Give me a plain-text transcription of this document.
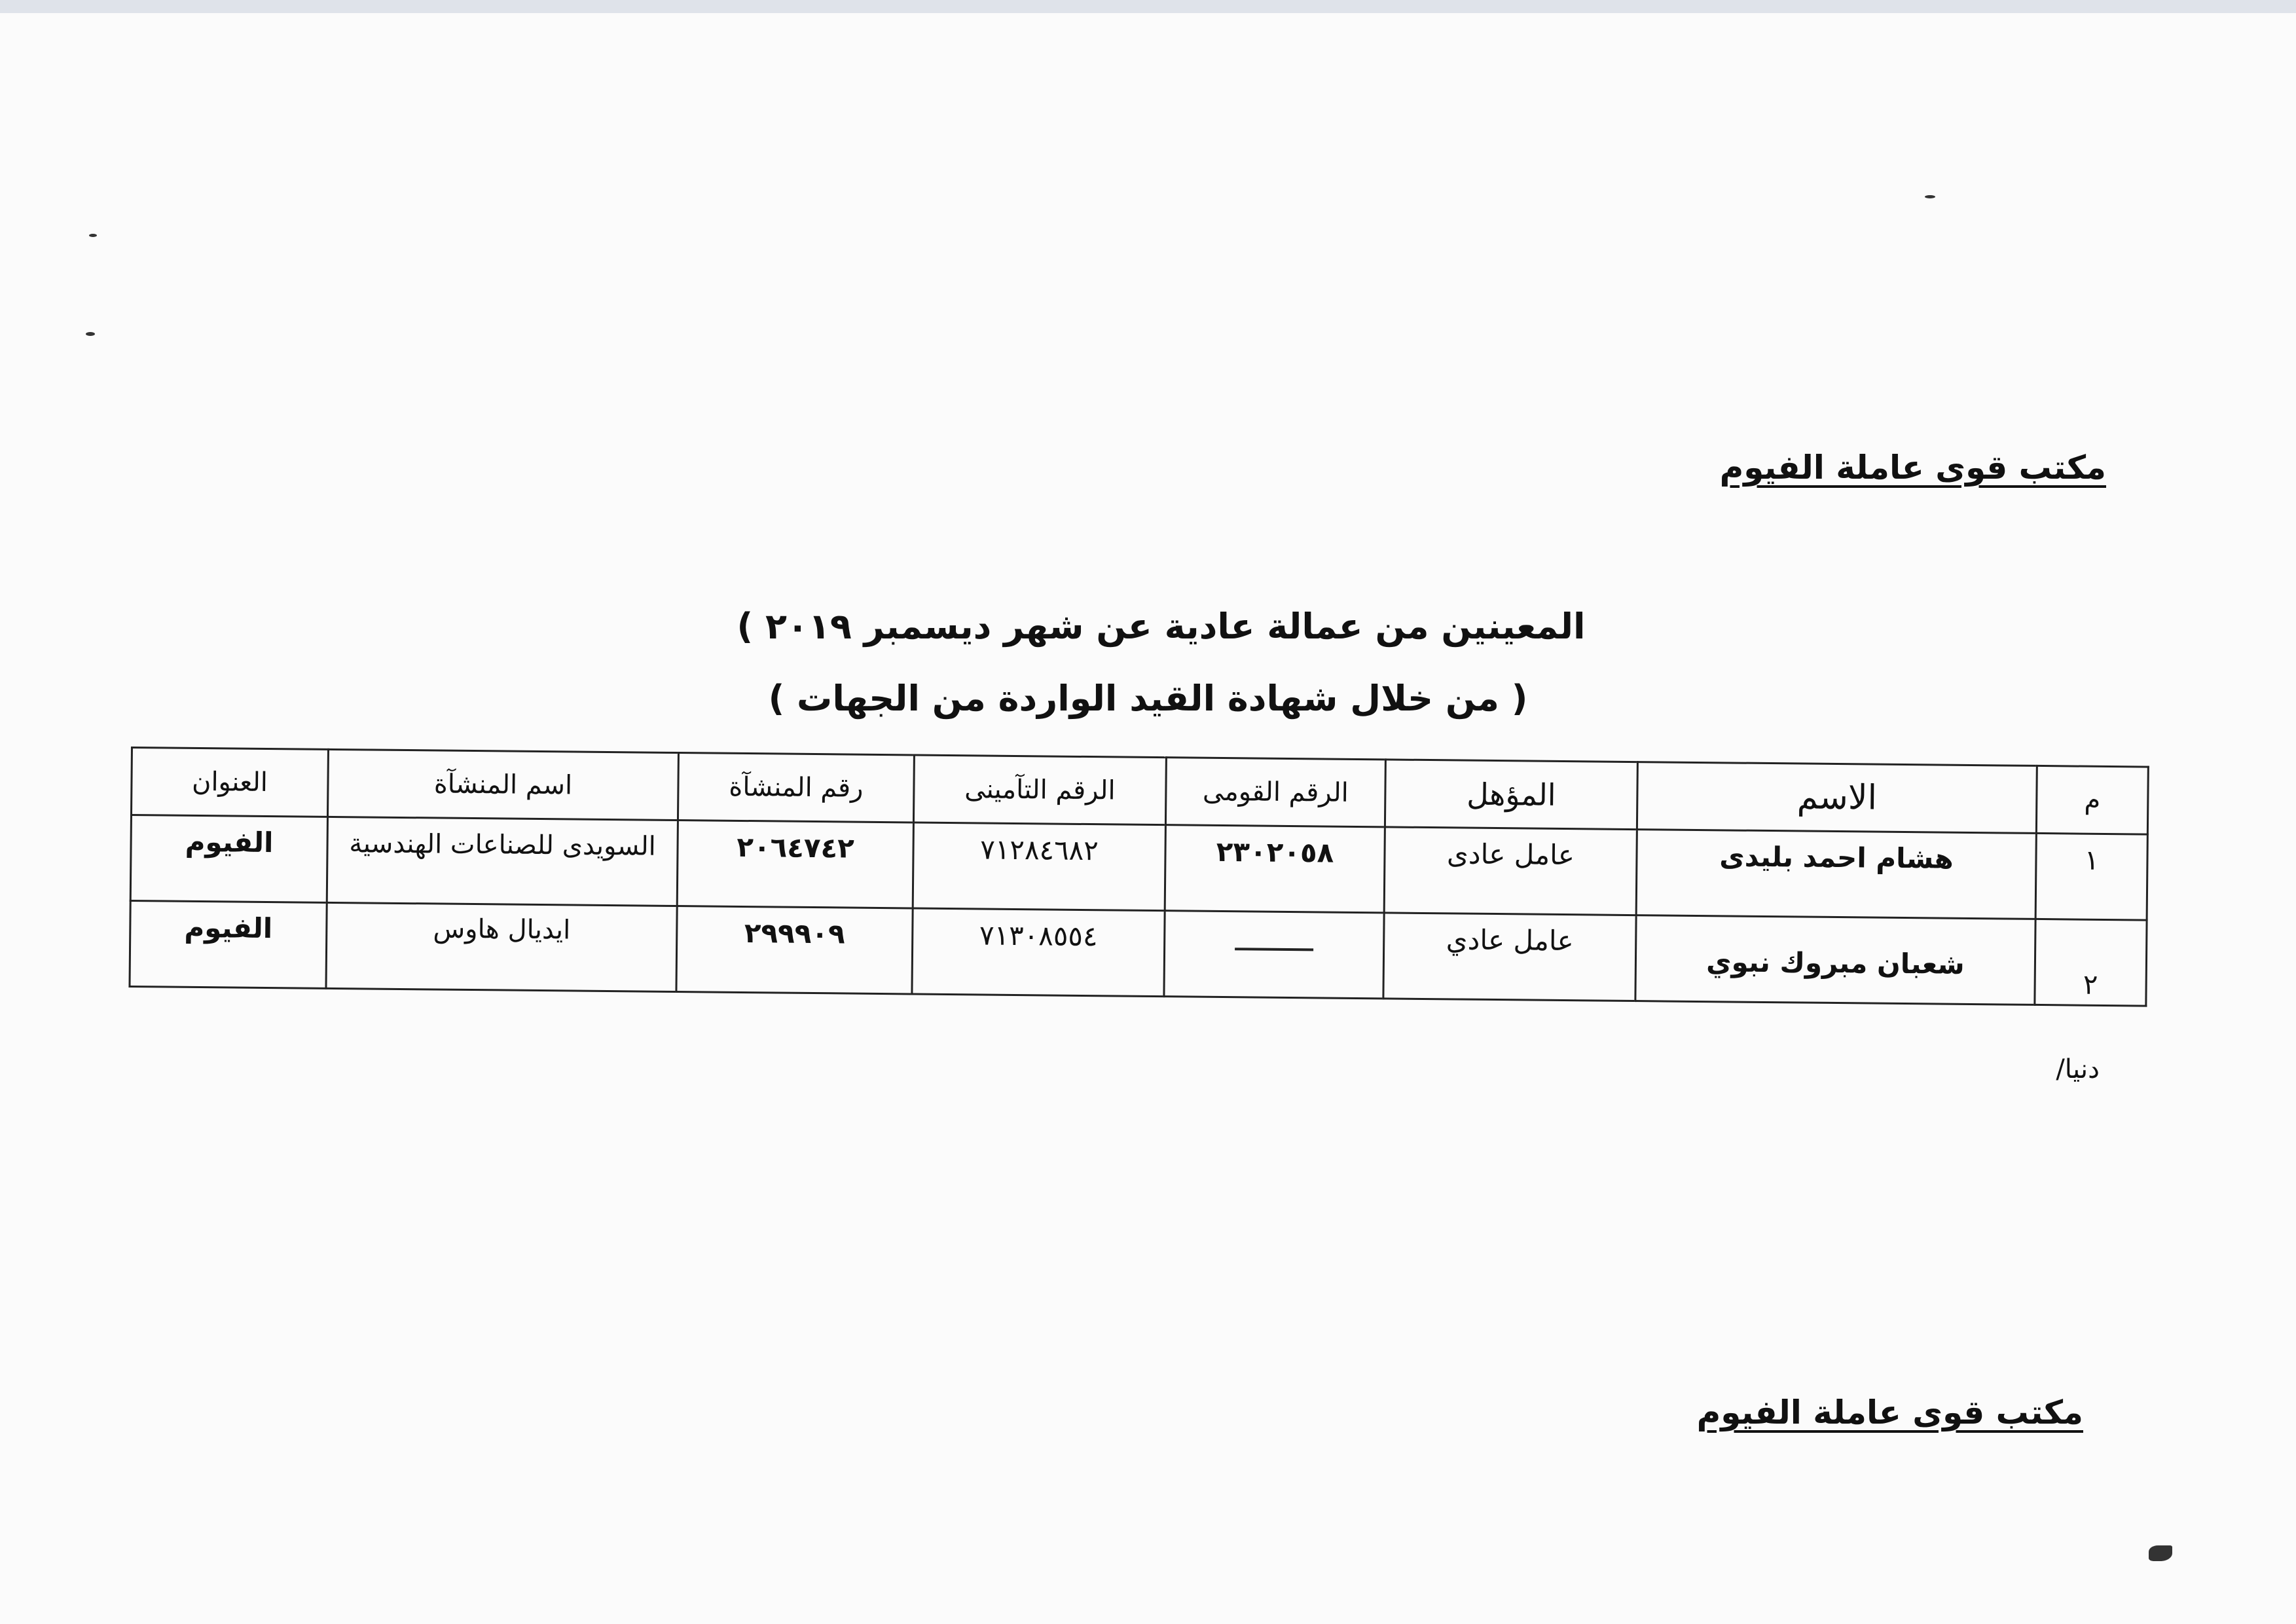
مكتب قوى عاملة الفيوم
المعينين من عمالة عادية عن شهر ديسمبر ٢٠١٩ )
( من خلال شهادة القيد الواردة من الجهات )
م	الاسم	المؤهل	الرقم القومى	الرقم التآمينى	رقم المنشآة	اسم المنشآة	العنوان
١	هشام احمد بليدى	عامل عادى	٢٣٠٢٠٥٨	٧١٢٨٤٦٨٢	٢٠٦٤٧٤٢	السويدى للصناعات الهندسية	الفيوم
٢	شعبان مبروك نبوي	عامل عادي		٧١٣٠٨٥٥٤	٢٩٩٩٠٩	ايديال هاوس	الفيوم
دنيا/
مكتب قوى عاملة الفيوم
